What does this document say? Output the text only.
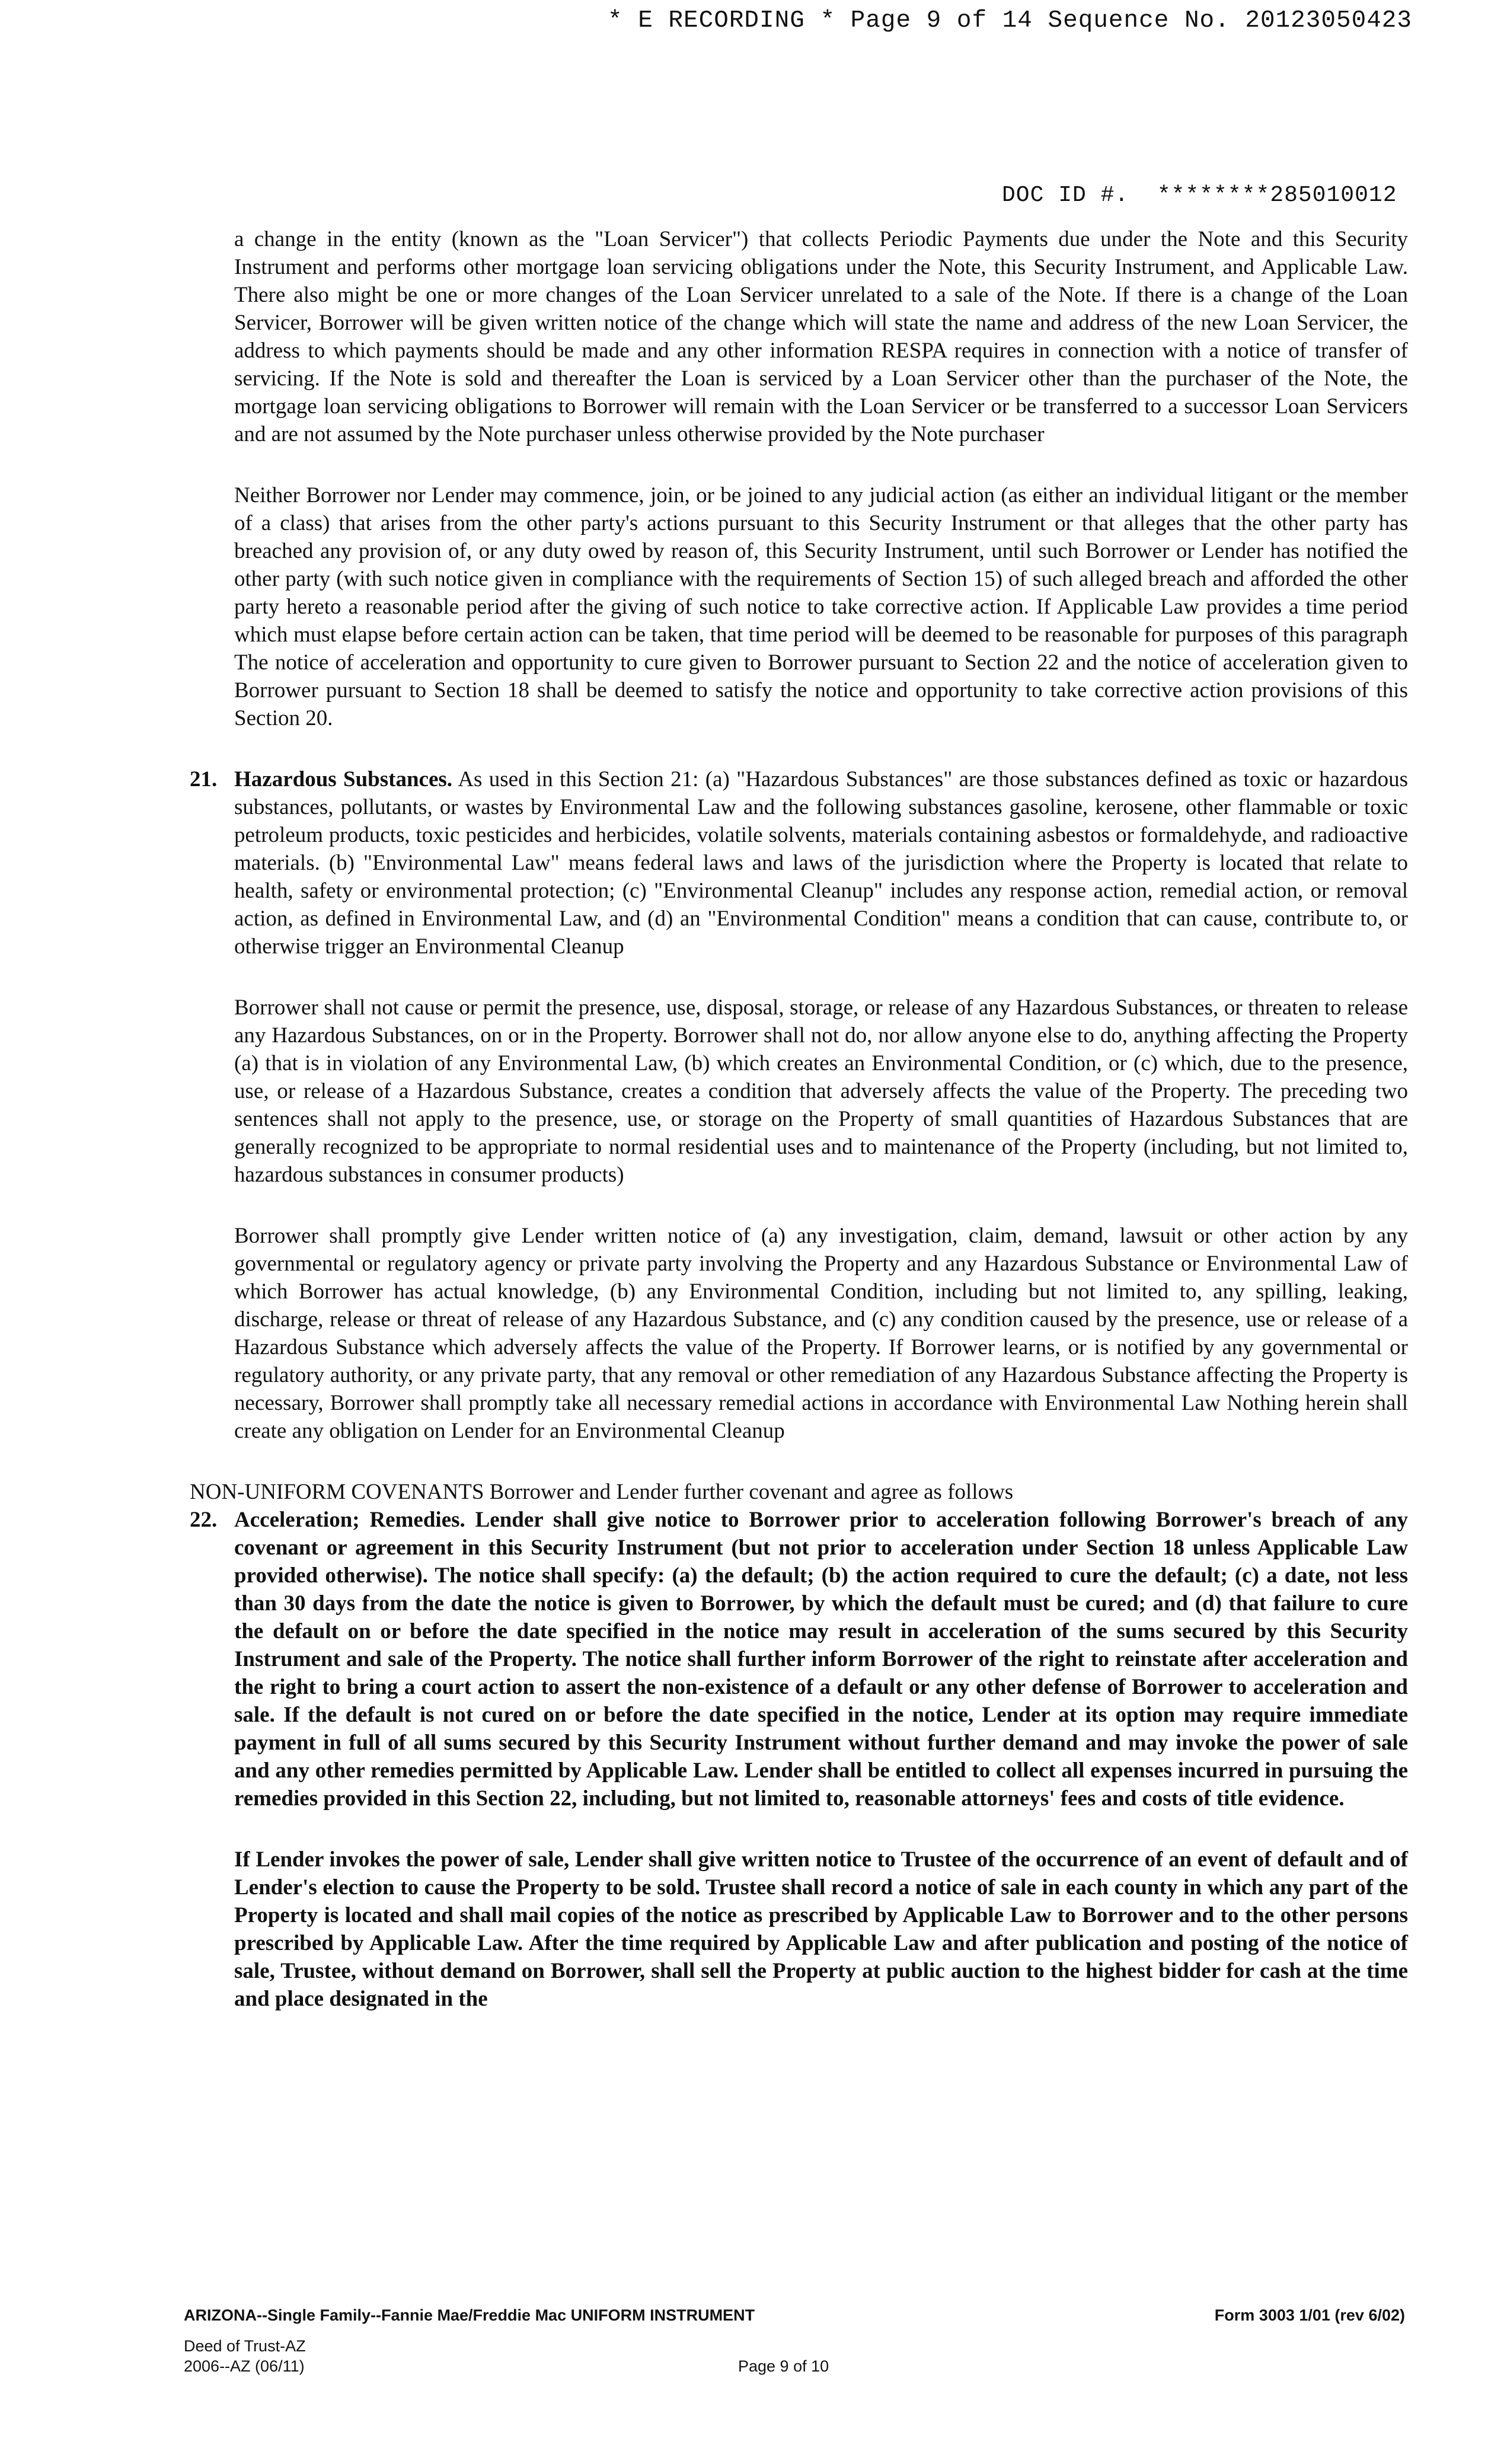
* E RECORDING * Page 9 of 14 Sequence No. 20123050423
DOC ID #.  ********285010012

a change in the entity (known as the "Loan Servicer") that collects Periodic Payments due under the Note and this Security Instrument and performs other mortgage loan servicing obligations under the Note, this Security Instrument, and Applicable Law. There also might be one or more changes of the Loan Servicer unrelated to a sale of the Note. If there is a change of the Loan Servicer, Borrower will be given written notice of the change which will state the name and address of the new Loan Servicer, the address to which payments should be made and any other information RESPA requires in connection with a notice of transfer of servicing. If the Note is sold and thereafter the Loan is serviced by a Loan Servicer other than the purchaser of the Note, the mortgage loan servicing obligations to Borrower will remain with the Loan Servicer or be transferred to a successor Loan Servicers and are not assumed by the Note purchaser unless otherwise provided by the Note purchaser

Neither Borrower nor Lender may commence, join, or be joined to any judicial action (as either an individual litigant or the member of a class) that arises from the other party's actions pursuant to this Security Instrument or that alleges that the other party has breached any provision of, or any duty owed by reason of, this Security Instrument, until such Borrower or Lender has notified the other party (with such notice given in compliance with the requirements of Section 15) of such alleged breach and afforded the other party hereto a reasonable period after the giving of such notice to take corrective action. If Applicable Law provides a time period which must elapse before certain action can be taken, that time period will be deemed to be reasonable for purposes of this paragraph The notice of acceleration and opportunity to cure given to Borrower pursuant to Section 22 and the notice of acceleration given to Borrower pursuant to Section 18 shall be deemed to satisfy the notice and opportunity to take corrective action provisions of this Section 20.

21. Hazardous Substances. As used in this Section 21: (a) "Hazardous Substances" are those substances defined as toxic or hazardous substances, pollutants, or wastes by Environmental Law and the following substances gasoline, kerosene, other flammable or toxic petroleum products, toxic pesticides and herbicides, volatile solvents, materials containing asbestos or formaldehyde, and radioactive materials. (b) "Environmental Law" means federal laws and laws of the jurisdiction where the Property is located that relate to health, safety or environmental protection; (c) "Environmental Cleanup" includes any response action, remedial action, or removal action, as defined in Environmental Law, and (d) an "Environmental Condition" means a condition that can cause, contribute to, or otherwise trigger an Environmental Cleanup

Borrower shall not cause or permit the presence, use, disposal, storage, or release of any Hazardous Substances, or threaten to release any Hazardous Substances, on or in the Property. Borrower shall not do, nor allow anyone else to do, anything affecting the Property (a) that is in violation of any Environmental Law, (b) which creates an Environmental Condition, or (c) which, due to the presence, use, or release of a Hazardous Substance, creates a condition that adversely affects the value of the Property. The preceding two sentences shall not apply to the presence, use, or storage on the Property of small quantities of Hazardous Substances that are generally recognized to be appropriate to normal residential uses and to maintenance of the Property (including, but not limited to, hazardous substances in consumer products)

Borrower shall promptly give Lender written notice of (a) any investigation, claim, demand, lawsuit or other action by any governmental or regulatory agency or private party involving the Property and any Hazardous Substance or Environmental Law of which Borrower has actual knowledge, (b) any Environmental Condition, including but not limited to, any spilling, leaking, discharge, release or threat of release of any Hazardous Substance, and (c) any condition caused by the presence, use or release of a Hazardous Substance which adversely affects the value of the Property. If Borrower learns, or is notified by any governmental or regulatory authority, or any private party, that any removal or other remediation of any Hazardous Substance affecting the Property is necessary, Borrower shall promptly take all necessary remedial actions in accordance with Environmental Law Nothing herein shall create any obligation on Lender for an Environmental Cleanup

NON-UNIFORM COVENANTS Borrower and Lender further covenant and agree as follows

22. Acceleration; Remedies. Lender shall give notice to Borrower prior to acceleration following Borrower's breach of any covenant or agreement in this Security Instrument (but not prior to acceleration under Section 18 unless Applicable Law provided otherwise). The notice shall specify: (a) the default; (b) the action required to cure the default; (c) a date, not less than 30 days from the date the notice is given to Borrower, by which the default must be cured; and (d) that failure to cure the default on or before the date specified in the notice may result in acceleration of the sums secured by this Security Instrument and sale of the Property. The notice shall further inform Borrower of the right to reinstate after acceleration and the right to bring a court action to assert the non-existence of a default or any other defense of Borrower to acceleration and sale. If the default is not cured on or before the date specified in the notice, Lender at its option may require immediate payment in full of all sums secured by this Security Instrument without further demand and may invoke the power of sale and any other remedies permitted by Applicable Law. Lender shall be entitled to collect all expenses incurred in pursuing the remedies provided in this Section 22, including, but not limited to, reasonable attorneys' fees and costs of title evidence.

If Lender invokes the power of sale, Lender shall give written notice to Trustee of the occurrence of an event of default and of Lender's election to cause the Property to be sold. Trustee shall record a notice of sale in each county in which any part of the Property is located and shall mail copies of the notice as prescribed by Applicable Law to Borrower and to the other persons prescribed by Applicable Law. After the time required by Applicable Law and after publication and posting of the notice of sale, Trustee, without demand on Borrower, shall sell the Property at public auction to the highest bidder for cash at the time and place designated in the

ARIZONA--Single Family--Fannie Mae/Freddie Mac UNIFORM INSTRUMENT	Form 3003 1/01 (rev 6/02)
Deed of Trust-AZ
2006--AZ (06/11)	Page 9 of 10
